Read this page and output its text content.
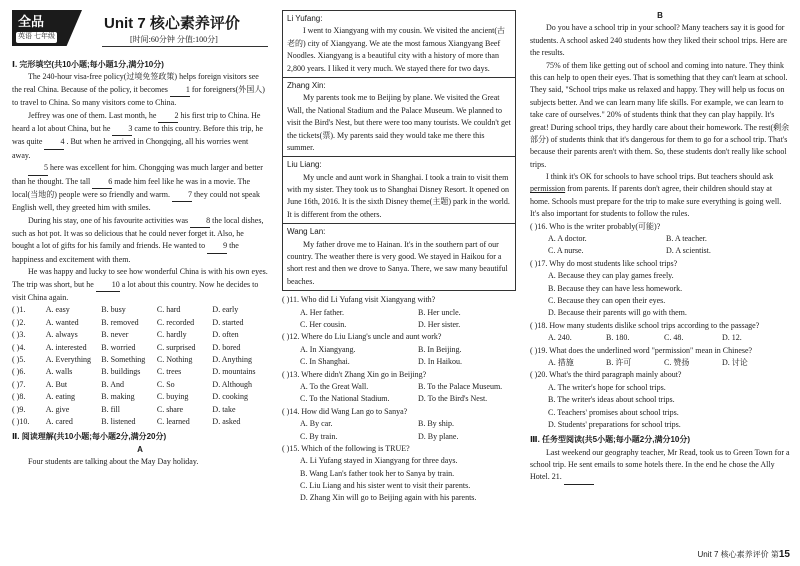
全品
英语 七年级
Unit 7 核心素养评价
[时间:60分钟 分值:100分]

Ⅰ. 完形填空(共10小题;每小题1分,满分10分)

The 240-hour visa-free policy(过境免签政策) helps foreign visitors see the real China. Because of the policy, it becomes 1 for foreigners(外国人) to travel to China. So many visitors come to China.

Jeffrey was one of them. Last month, he 2 his first trip to China. He heard a lot about China, but he 3 came to this country. Before this trip, he was quite 4 . But when he arrived in Chongqing, all his worries went away.

5 here was excellent for him. Chongqing was much larger and better than he thought. The tall 6 made him feel like he was in a movie. The local(当地的) people were so friendly and warm. 7 they could not speak English well, they greeted him with smiles.

During his stay, one of his favourite activities was 8 the local dishes, such as hot pot. It was so delicious that he could never forget it. Also, he bought a lot of gifts for his family and friends. He wanted to 9 the happiness and excitement with them.

He was happy and lucky to see how wonderful China is with his own eyes. The trip was short, but he 10 a lot about this country. Now he decides to visit China again.

( )1.	A. easy	B. busy	C. hard	D. early
( )2.	A. wanted	B. removed	C. recorded	D. started
( )3.	A. always	B. never	C. hardly	D. often
( )4.	A. interested	B. worried	C. surprised	D. bored
( )5.	A. Everything	B. Something	C. Nothing	D. Anything
( )6.	A. walls	B. buildings	C. trees	D. mountains
( )7.	A. But	B. And	C. So	D. Although
( )8.	A. eating	B. making	C. buying	D. cooking
( )9.	A. give	B. fill	C. share	D. take
( )10.	A. cared	B. listened	C. learned	D. asked

Ⅱ. 阅读理解(共10小题;每小题2分,满分20分)

A

Four students are talking about the May Day holiday.

Li Yufang:

I went to Xiangyang with my cousin. We visited the ancient(古老的) city of Xiangyang. We ate the most famous Xiangyang Beef Noodles. Xiangyang is a beautiful city with a history of more than 2,800 years. I liked it very much. We stayed there for two days.

Zhang Xin:

My parents took me to Beijing by plane. We visited the Great Wall, the National Stadium and the Palace Museum. We planned to visit the Bird's Nest, but there were too many tourists. We couldn't get the tickets(票). My parents said they would take me there this summer.

Liu Liang:

My uncle and aunt work in Shanghai. I took a train to visit them with my sister. They took us to Shanghai Disney Resort. It opened on June 16th, 2016. It is the sixth Disney theme(主题) park in the world. It is different from the others.

Wang Lan:

My father drove me to Hainan. It's in the southern part of our country. The weather there is very good. We stayed in Haikou for a short rest and then we drove to Sanya. There, we saw many beautiful beaches.

( )11. Who did Li Yufang visit Xiangyang with?

A. Her father.	B. Her uncle.
C. Her cousin.	D. Her sister.

( )12. Where do Liu Liang's uncle and aunt work?

A. In Xiangyang.	B. In Beijing.
C. In Shanghai.	D. In Haikou.

( )13. Where didn't Zhang Xin go in Beijing?

A. To the Great Wall.	B. To the Palace Museum.
C. To the National Stadium.	D. To the Bird's Nest.

( )14. How did Wang Lan go to Sanya?

A. By car.	B. By ship.
C. By train.	D. By plane.

( )15. Which of the following is TRUE?

A. Li Yufang stayed in Xiangyang for three days.

B. Wang Lan's father took her to Sanya by train.

C. Liu Liang and his sister went to visit their parents.

D. Zhang Xin will go to Beijing again with his parents.

B

Do you have a school trip in your school? Many teachers say it is good for students. A school asked 240 students how they liked their school trips. Here are the results.

75% of them like getting out of school and coming into nature. They think this can help to open their eyes. That is something that they can't learn at school. They said, "School trips make us relaxed and happy. They will help us focus on subjects better. And we can learn many life skills. For example, we can learn to take care of ourselves." 20% of students think that they can play happily. It's great! During school trips, they hardly care about their homework. The rest(剩余部分) of students think that it's dangerous for them to go for a school trip. That's because their parents aren't with them. So, these students don't really like school trips.

I think it's OK for schools to have school trips. But teachers should ask permission from parents. If parents don't agree, their children should stay at home. Schools must prepare for the trip to make sure everything is going well. It's also important for students to follow the rules.

( )16. Who is the writer probably(可能)?

A. A doctor.	B. A teacher.
C. A nurse.	D. A scientist.

( )17. Why do most students like school trips?

A. Because they can play games freely.

B. Because they can have less homework.

C. Because they can open their eyes.

D. Because their parents will go with them.

( )18. How many students dislike school trips according to the passage?

A. 240.	B. 180.	C. 48.	D. 12.

( )19. What does the underlined word "permission" mean in Chinese?

A. 措施	B. 许可	C. 赞扬	D. 讨论

( )20. What's the third paragraph mainly about?

A. The writer's hope for school trips.

B. The writer's ideas about school trips.

C. Teachers' promises about school trips.

D. Students' preparations for school trips.

Ⅲ. 任务型阅读(共5小题;每小题2分,满分10分)

Last weekend our geography teacher, Mr Read, took us to Green Town for a school trip. He sent emails to some hotels there. In the end he chose the Ally Hotel. 21.

Unit 7 核心素养评价 第15
